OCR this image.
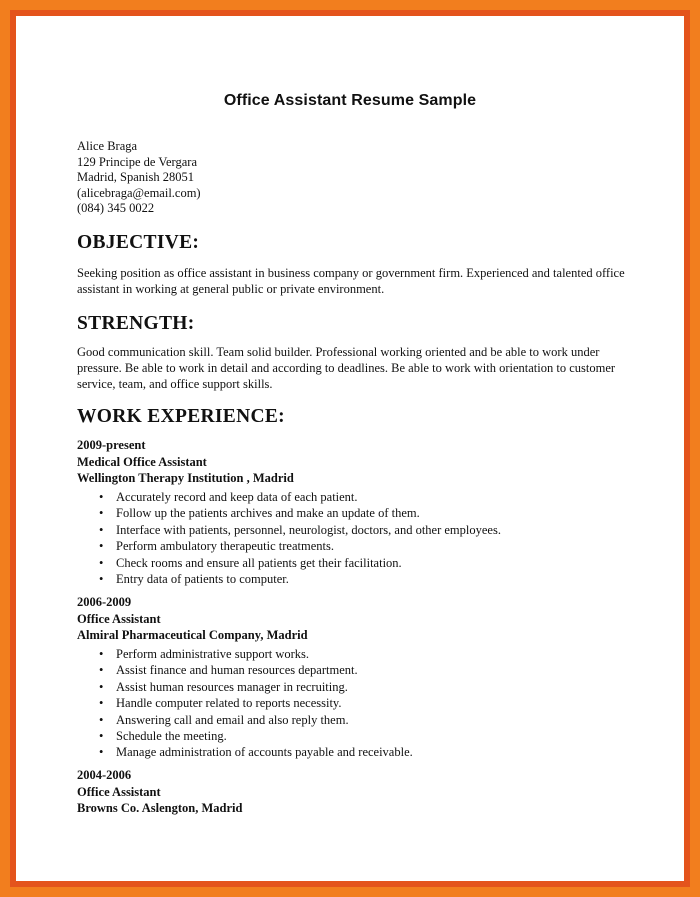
Office Assistant Resume Sample
Alice Braga
129 Principe de Vergara
Madrid, Spanish 28051
(alicebraga@email.com)
(084) 345 0022
OBJECTIVE:
Seeking position as office assistant in business company or government firm. Experienced and talented office assistant in working at general public or private environment.
STRENGTH:
Good communication skill. Team solid builder. Professional working oriented and be able to work under pressure. Be able to work in detail and according to deadlines. Be able to work with orientation to customer service, team, and office support skills.
WORK EXPERIENCE:
2009-present
Medical Office Assistant
Wellington Therapy Institution , Madrid
• Accurately record and keep data of each patient.
• Follow up the patients archives and make an update of them.
• Interface with patients, personnel, neurologist, doctors, and other employees.
• Perform ambulatory therapeutic treatments.
• Check rooms and ensure all patients get their facilitation.
• Entry data of patients to computer.
2006-2009
Office Assistant
Almiral Pharmaceutical Company, Madrid
• Perform administrative support works.
• Assist finance and human resources department.
• Assist human resources manager in recruiting.
• Handle computer related to reports necessity.
• Answering call and email and also reply them.
• Schedule the meeting.
• Manage administration of accounts payable and receivable.
2004-2006
Office Assistant
Browns Co. Aslengton, Madrid
